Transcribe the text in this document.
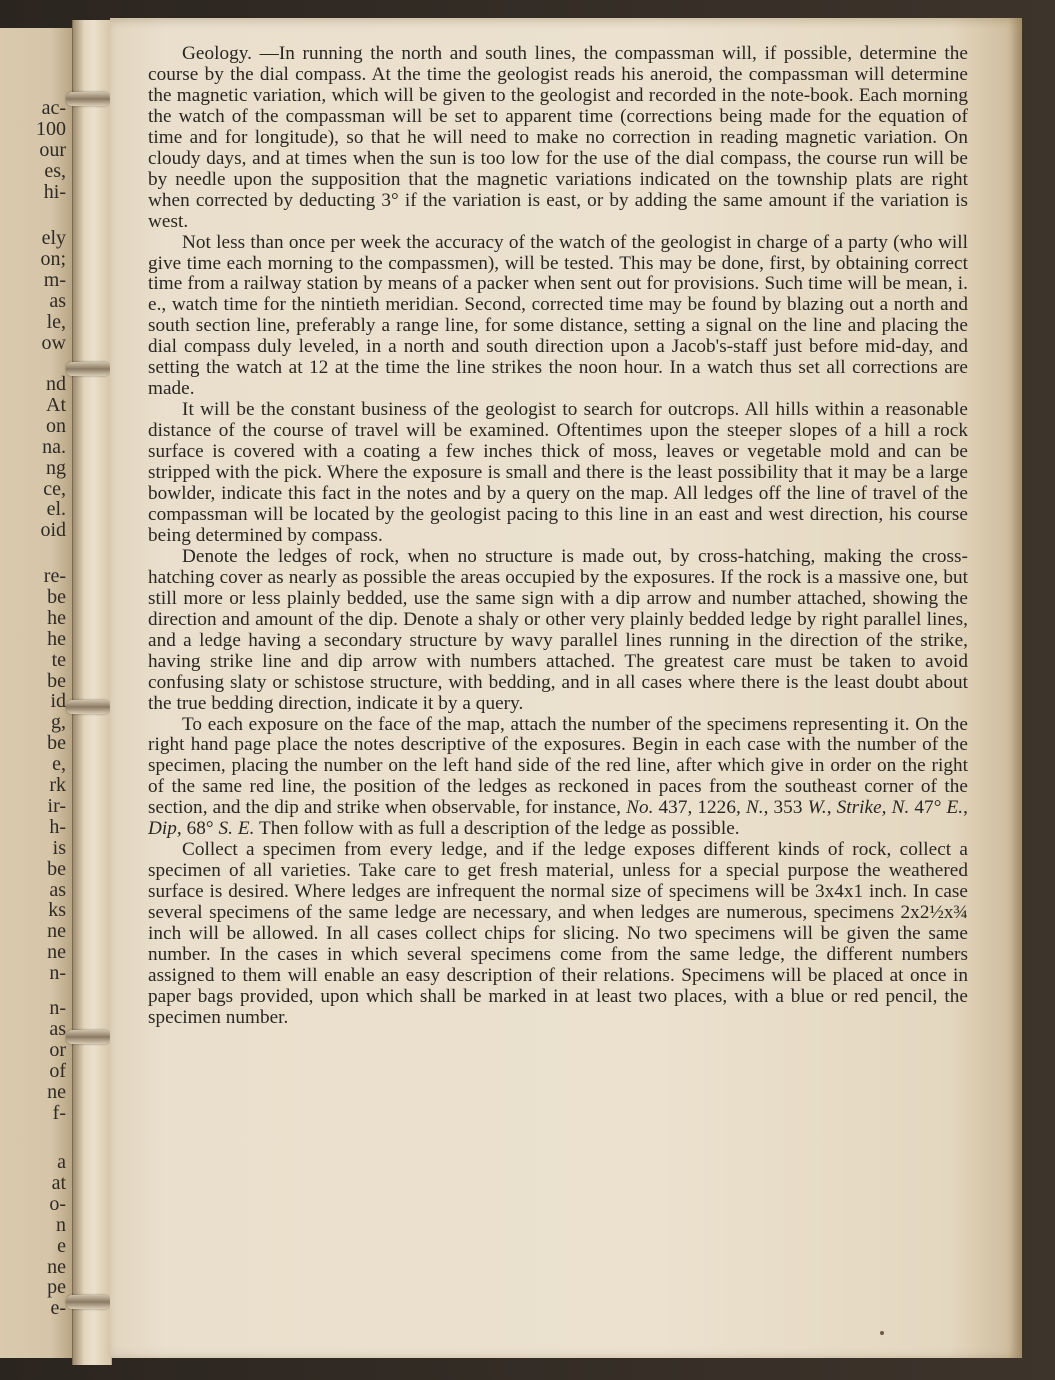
ac-
100
our
es,
hi-
ely
on;
m-
as
le,
ow
nd
At
on
na.
ng
ce,
el.
oid
re-
be
he
he
te
be
id
g,
be
e,
rk
ir-
h-
is
be
as
ks
ne
ne
n-
n-
as
or
of
ne
f-
a
at
o-
n
e
ne
pe
e-

Geology. —In running the north and south lines, the compassman will, if possible, determine the course by the dial compass. At the time the geologist reads his aneroid, the compassman will determine the magnetic variation, which will be given to the geologist and recorded in the note-book. Each morning the watch of the compassman will be set to apparent time (corrections being made for the equation of time and for longitude), so that he will need to make no correction in reading magnetic variation. On cloudy days, and at times when the sun is too low for the use of the dial compass, the course run will be by needle upon the supposition that the magnetic variations indicated on the township plats are right when corrected by deducting 3° if the variation is east, or by adding the same amount if the variation is west.

Not less than once per week the accuracy of the watch of the geologist in charge of a party (who will give time each morning to the compassmen), will be tested. This may be done, first, by obtaining correct time from a railway station by means of a packer when sent out for provisions. Such time will be mean, i. e., watch time for the nintieth meridian. Second, corrected time may be found by blazing out a north and south section line, preferably a range line, for some distance, setting a signal on the line and placing the dial compass duly leveled, in a north and south direction upon a Jacob's-staff just before mid-day, and setting the watch at 12 at the time the line strikes the noon hour. In a watch thus set all corrections are made.

It will be the constant business of the geologist to search for outcrops. All hills within a reasonable distance of the course of travel will be examined. Oftentimes upon the steeper slopes of a hill a rock surface is covered with a coating a few inches thick of moss, leaves or vegetable mold and can be stripped with the pick. Where the exposure is small and there is the least possibility that it may be a large bowlder, indicate this fact in the notes and by a query on the map. All ledges off the line of travel of the compassman will be located by the geologist pacing to this line in an east and west direction, his course being determined by compass.

Denote the ledges of rock, when no structure is made out, by cross-hatching, making the cross-hatching cover as nearly as possible the areas occupied by the exposures. If the rock is a massive one, but still more or less plainly bedded, use the same sign with a dip arrow and number attached, showing the direction and amount of the dip. Denote a shaly or other very plainly bedded ledge by right parallel lines, and a ledge having a secondary structure by wavy parallel lines running in the direction of the strike, having strike line and dip arrow with numbers attached. The greatest care must be taken to avoid confusing slaty or schistose structure, with bedding, and in all cases where there is the least doubt about the true bedding direction, indicate it by a query.

To each exposure on the face of the map, attach the number of the specimens representing it. On the right hand page place the notes descriptive of the exposures. Begin in each case with the number of the specimen, placing the number on the left hand side of the red line, after which give in order on the right of the same red line, the position of the ledges as reckoned in paces from the southeast corner of the section, and the dip and strike when observable, for instance, No. 437, 1226, N., 353 W., Strike, N. 47° E., Dip, 68° S. E. Then follow with as full a description of the ledge as possible.

Collect a specimen from every ledge, and if the ledge exposes different kinds of rock, collect a specimen of all varieties. Take care to get fresh material, unless for a special purpose the weathered surface is desired. Where ledges are infrequent the normal size of specimens will be 3x4x1 inch. In case several specimens of the same ledge are necessary, and when ledges are numerous, specimens 2x2½x¾ inch will be allowed. In all cases collect chips for slicing. No two specimens will be given the same number. In the cases in which several specimens come from the same ledge, the different numbers assigned to them will enable an easy description of their relations. Specimens will be placed at once in paper bags provided, upon which shall be marked in at least two places, with a blue or red pencil, the specimen number.
